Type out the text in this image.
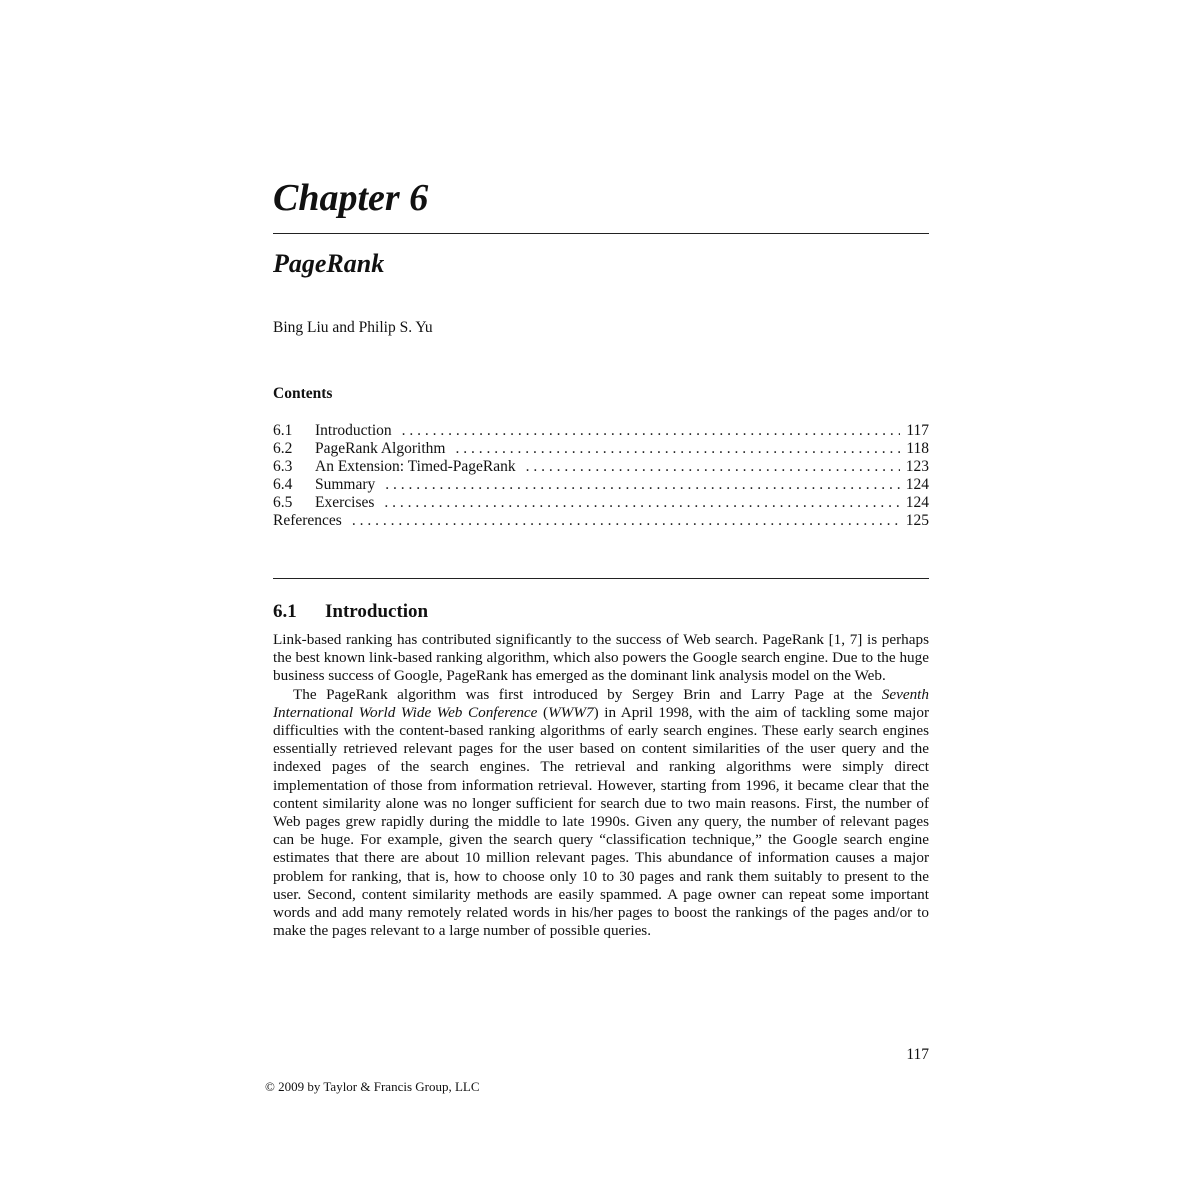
Chapter 6
PageRank
Bing Liu and Philip S. Yu
Contents
6.1	Introduction . . .	117
6.2	PageRank Algorithm . . .	118
6.3	An Extension: Timed-PageRank . . .	123
6.4	Summary . . .	124
6.5	Exercises . . .	124
References . . .	125
6.1 Introduction

Link-based ranking has contributed significantly to the success of Web search. PageRank [1, 7] is perhaps the best known link-based ranking algorithm, which also powers the Google search engine. Due to the huge business success of Google, PageRank has emerged as the dominant link analysis model on the Web.

The PageRank algorithm was first introduced by Sergey Brin and Larry Page at the Seventh International World Wide Web Conference (WWW7) in April 1998, with the aim of tackling some major difficulties with the content-based ranking algorithms of early search engines. These early search engines essentially retrieved relevant pages for the user based on content similarities of the user query and the indexed pages of the search engines. The retrieval and ranking algorithms were simply direct implementation of those from information retrieval. However, starting from 1996, it became clear that the content similarity alone was no longer sufficient for search due to two main reasons. First, the number of Web pages grew rapidly during the middle to late 1990s. Given any query, the number of relevant pages can be huge. For example, given the search query “classification technique,” the Google search engine estimates that there are about 10 million relevant pages. This abundance of information causes a major problem for ranking, that is, how to choose only 10 to 30 pages and rank them suitably to present to the user. Second, content similarity methods are easily spammed. A page owner can repeat some important words and add many remotely related words in his/her pages to boost the rankings of the pages and/or to make the pages relevant to a large number of possible queries.

117
© 2009 by Taylor & Francis Group, LLC
